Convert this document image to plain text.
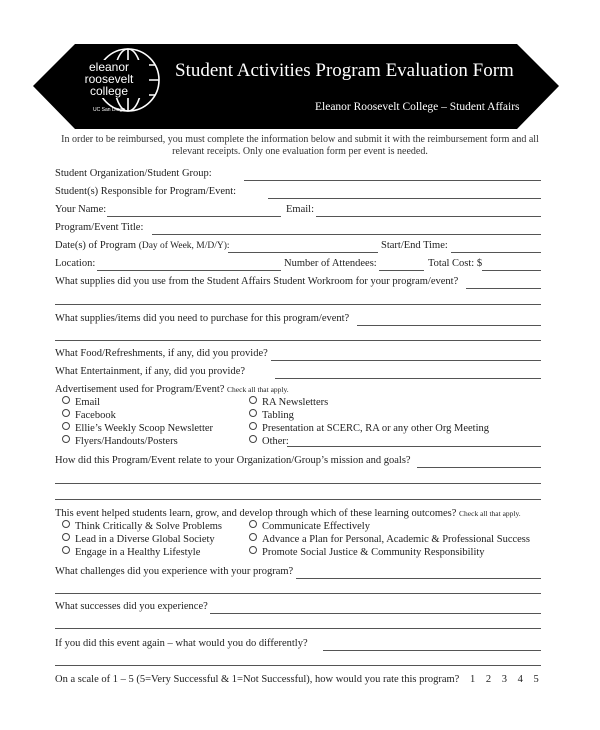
eleanor
roosevelt
college
UC San Diego
Student Activities Program Evaluation Form
Eleanor Roosevelt College – Student Affairs
In order to be reimbursed, you must complete the information below and submit it with the reimbursement form and all relevant receipts. Only one evaluation form per event is needed.
Student Organization/Student Group:
Student(s) Responsible for Program/Event:
Your Name:	Email:
Program/Event Title:
Date(s) of Program (Day of Week, M/D/Y):	Start/End Time:
Location:	Number of Attendees:	Total Cost: $
What supplies did you use from the Student Affairs Student Workroom for your program/event?
What supplies/items did you need to purchase for this program/event?
What Food/Refreshments, if any, did you provide?
What Entertainment, if any, did you provide?
Advertisement used for Program/Event? Check all that apply.
Email
Facebook
Ellie’s Weekly Scoop Newsletter
Flyers/Handouts/Posters
RA Newsletters
Tabling
Presentation at SCERC, RA or any other Org Meeting
Other:
How did this Program/Event relate to your Organization/Group’s mission and goals?
This event helped students learn, grow, and develop through which of these learning outcomes? Check all that apply.
Think Critically & Solve Problems
Lead in a Diverse Global Society
Engage in a Healthy Lifestyle
Communicate Effectively
Advance a Plan for Personal, Academic & Professional Success
Promote Social Justice & Community Responsibility
What challenges did you experience with your program?
What successes did you experience?
If you did this event again – what would you do differently?
On a scale of 1 – 5 (5=Very Successful & 1=Not Successful), how would you rate this program? 1 2 3 4 5
